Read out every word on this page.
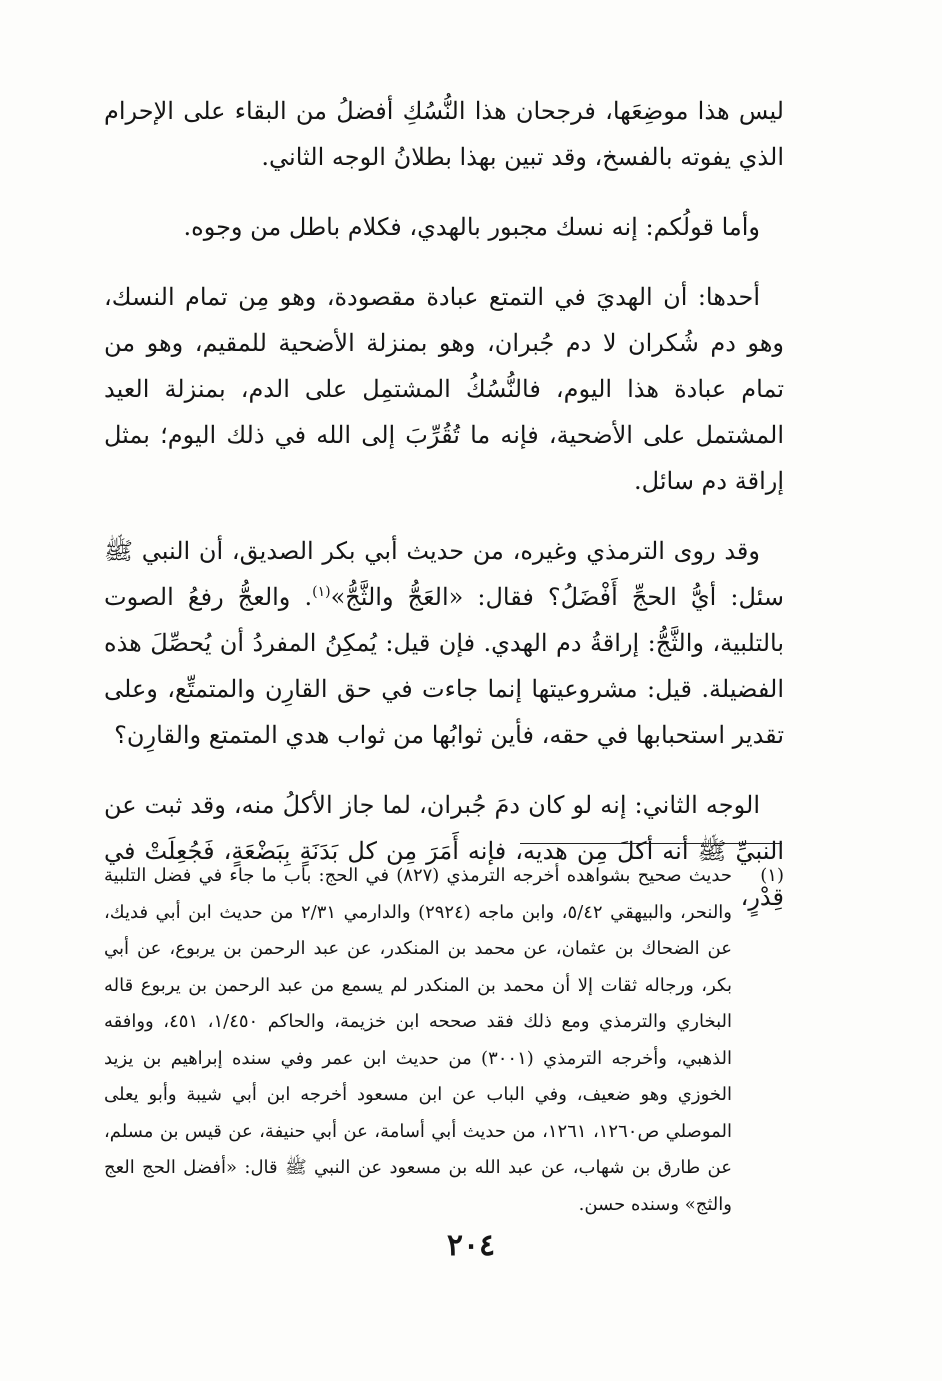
ليس هذا موضِعَها، فرجحان هذا النُّسُكِ أفضلُ من البقاء على الإحرام الذي يفوته بالفسخ، وقد تبين بهذا بطلانُ الوجه الثاني.

وأما قولُكم: إنه نسك مجبور بالهدي، فكلام باطل من وجوه.

أحدها: أن الهديَ في التمتع عبادة مقصودة، وهو مِن تمام النسك، وهو دم شُكران لا دم جُبران، وهو بمنزلة الأضحية للمقيم، وهو من تمام عبادة هذا اليوم، فالنُّسُكُ المشتمِل على الدم، بمنزلة العيد المشتمل على الأضحية، فإنه ما تُقُرِّبَ إلى الله في ذلك اليوم؛ بمثل إراقة دم سائل.

وقد روى الترمذي وغيره، من حديث أبي بكر الصديق، أن النبي ﷺ سئل: أيُّ الحجِّ أَفْضَلُ؟ فقال: «العَجُّ والثَّجُّ»$^{(١)}$. والعجُّ رفعُ الصوت بالتلبية، والثَّجُّ: إراقةُ دم الهدي. فإن قيل: يُمكِنُ المفردُ أن يُحصِّلَ هذه الفضيلة. قيل: مشروعيتها إنما جاءت في حق القارِن والمتمتِّع، وعلى تقدير استحبابها في حقه، فأين ثوابُها من ثواب هدي المتمتع والقارِن؟

الوجه الثاني: إنه لو كان دمَ جُبران، لما جاز الأكلُ منه، وقد ثبت عن النبيِّ ﷺ أنه أكلَ مِن هديه، فإنه أَمَرَ مِن كل بَدَنَةٍ بِبَضْعَةٍ، فَجُعِلَتْ في قِدْرٍ،

(١)
حديث صحيح بشواهده أخرجه الترمذي (٨٢٧) في الحج: باب ما جاء في فضل التلبية والنحر، والبيهقي ٥/٤٢، وابن ماجه (٢٩٢٤) والدارمي ٢/٣١ من حديث ابن أبي فديك، عن الضحاك بن عثمان، عن محمد بن المنكدر، عن عبد الرحمن بن يربوع، عن أبي بكر، ورجاله ثقات إلا أن محمد بن المنكدر لم يسمع من عبد الرحمن بن يربوع قاله البخاري والترمذي ومع ذلك فقد صححه ابن خزيمة، والحاكم ١/٤٥٠، ٤٥١، ووافقه الذهبي، وأخرجه الترمذي (٣٠٠١) من حديث ابن عمر وفي سنده إبراهيم بن يزيد الخوزي وهو ضعيف، وفي الباب عن ابن مسعود أخرجه ابن أبي شيبة وأبو يعلى الموصلي ص١٢٦٠، ١٢٦١، من حديث أبي أسامة، عن أبي حنيفة، عن قيس بن مسلم، عن طارق بن شهاب، عن عبد الله بن مسعود عن النبي ﷺ قال: «أفضل الحج العج والثج» وسنده حسن.
٢٠٤
